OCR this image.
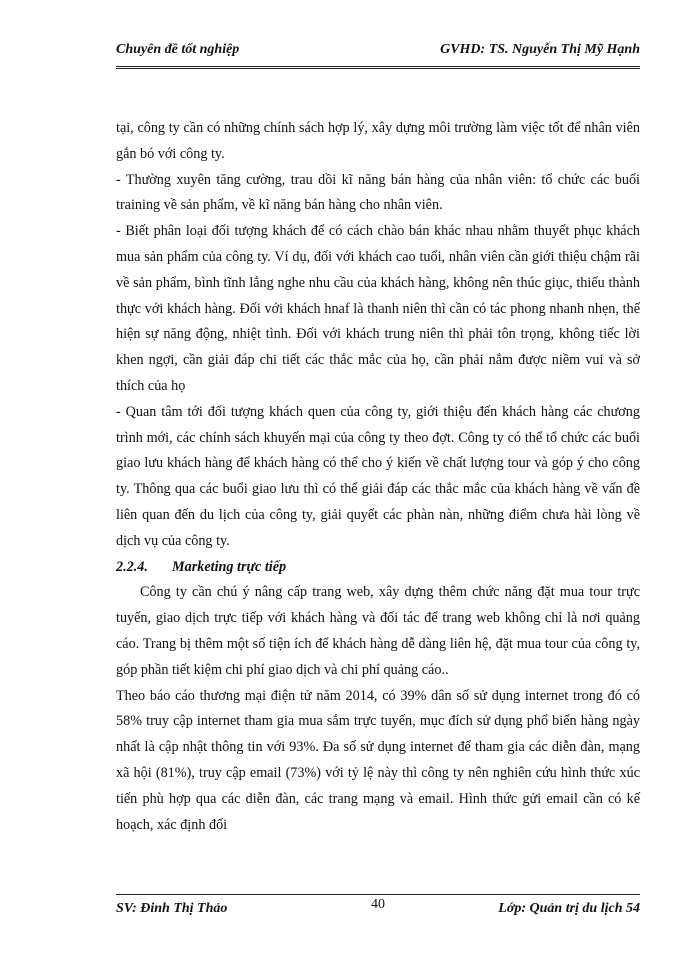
Chuyên đề tốt nghiệp	GVHD: TS. Nguyễn Thị Mỹ Hạnh

tại, công ty cần có những chính sách hợp lý, xây dựng môi trường làm việc tốt để nhân viên gắn bó với công ty.

- Thường xuyên tăng cường, trau dồi kĩ năng bán hàng của nhân viên: tổ chức các buổi training về sản phẩm, về kĩ năng bán hàng cho nhân viên.

- Biết phân loại đối tượng khách để có cách chào bán khác nhau nhằm thuyết phục khách mua sản phẩm của công ty. Ví dụ, đối với khách cao tuổi, nhân viên cần giới thiệu chậm rãi về sản phẩm, bình tĩnh lắng nghe nhu cầu của khách hàng, không nên thúc giục, thiếu thành thực với khách hàng. Đối với khách hnaf là thanh niên thì cần có tác phong nhanh nhẹn, thể hiện sự năng động, nhiệt tình. Đối với khách trung niên thì phải tôn trọng, không tiếc lời khen ngợi, cần giải đáp chi tiết các thắc mắc của họ, cần phải nắm được niềm vui và sở thích của họ

- Quan tâm tới đối tượng khách quen của công ty, giới thiệu đến khách hàng các chương trình mới, các chính sách khuyến mại của công ty theo đợt. Công ty có thể tổ chức các buổi giao lưu khách hàng để khách hàng có thể cho ý kiến về chất lượng tour và góp ý cho công ty. Thông qua các buổi giao lưu thì có thể giải đáp các thắc mắc của khách hàng về vấn đề liên quan đến du lịch của công ty, giải quyết các phàn nàn, những điểm chưa hài lòng về dịch vụ của công ty.

2.2.4. Marketing trực tiếp

Công ty cần chú ý nâng cấp trang web, xây dựng thêm chức năng đặt mua tour trực tuyến, giao dịch trực tiếp với khách hàng và đối tác để trang web không chỉ là nơi quảng cáo. Trang bị thêm một số tiện ích để khách hàng dễ dàng liên hệ, đặt mua tour của công ty, góp phần tiết kiệm chi phí giao dịch và chi phí quảng cáo..

Theo báo cáo thương mại điện tử năm 2014, có 39% dân số sử dụng internet trong đó có 58% truy cập internet tham gia mua sắm trực tuyến, mục đích sử dụng phổ biến hàng ngày nhất là cập nhật thông tin với 93%. Đa số sử dụng internet để tham gia các diễn đàn, mạng xã hội (81%), truy cập email (73%) với tỷ lệ này thì công ty nên nghiên cứu hình thức xúc tiến phù hợp qua các diễn đàn, các trang mạng và email. Hình thức gửi email cần có kế hoạch, xác định đối

SV: Đinh Thị Thảo	40	Lớp: Quản trị du lịch 54
